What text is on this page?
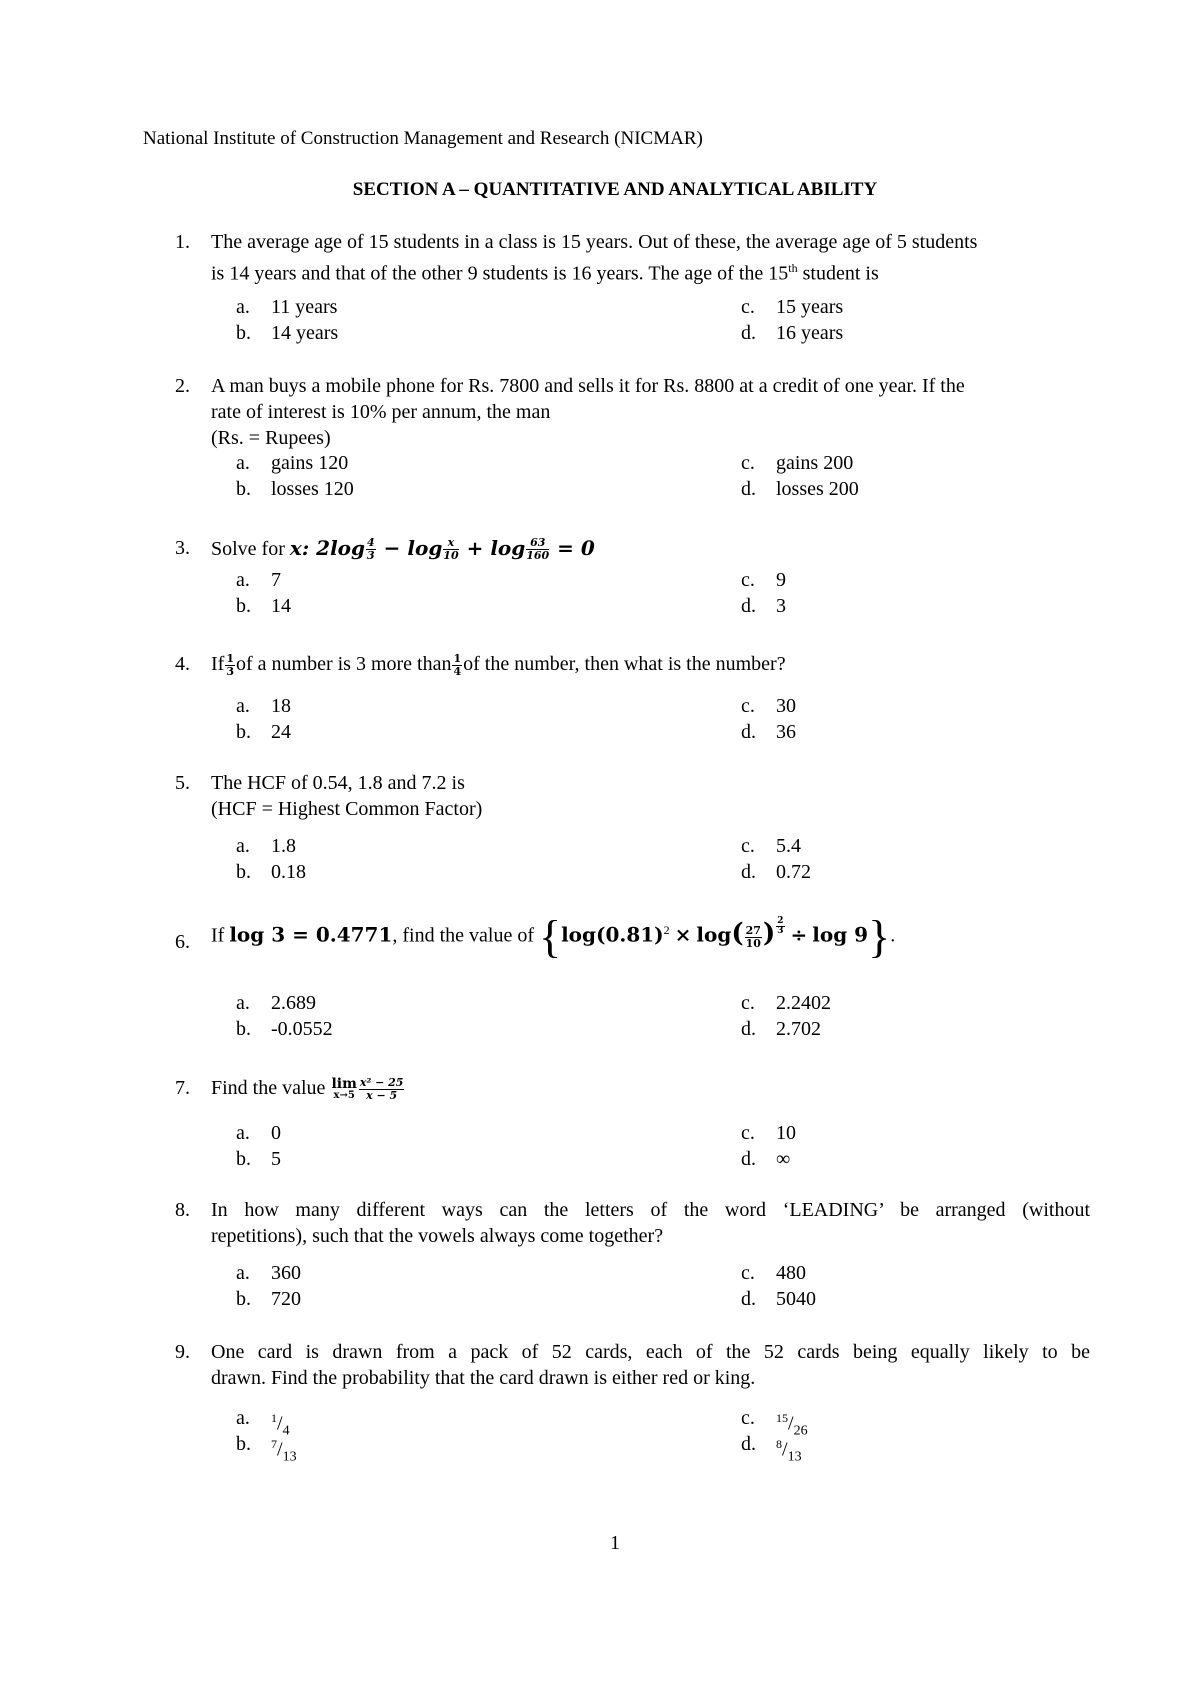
National Institute of Construction Management and Research (NICMAR)
SECTION A – QUANTITATIVE AND ANALYTICAL ABILITY
1. The average age of 15 students in a class is 15 years. Out of these, the average age of 5 students
is 14 years and that of the other 9 students is 16 years. The age of the 15th student is
a. 11 years
b. 14 years
c. 15 years
d. 16 years
2. A man buys a mobile phone for Rs. 7800 and sells it for Rs. 8800 at a credit of one year. If the
rate of interest is 10% per annum, the man
(Rs. = Rupees)
a. gains 120
b. losses 120
c. gains 200
d. losses 200
3. Solve for x: $2\log \frac{4}{3} - \log \frac{x}{10} + \log \frac{63}{160} = 0$
a. 7
b. 14
c. 9
d. 3
4. If $\frac{1}{3}$ of a number is 3 more than $\frac{1}{4}$ of the number, then what is the number?
a. 18
b. 24
c. 30
d. 36
5. The HCF of 0.54, 1.8 and 7.2 is
(HCF = Highest Common Factor)
a. 1.8
b. 0.18
c. 5.4
d. 0.72
6. If log 3 = 0.4771, find the value of {$\log(0.81)^2 \times \log( \frac{27}{10}$ ) $\frac{2}{3} \div \log 9$}.
a. 2.689
b. -0.0552
c. 2.2402
d. 2.702
7. Find the value lim
$x\to 5 \frac{\text{x² − 25}}{x - 5}$
a. 0
b. 5
c. 10
d. ∞
8. In how many different ways can the letters of the word ‘LEADING’ be arranged (without
repetitions), such that the vowels always come together?
a. 360
b. 720
c. 480
d. 5040
9. One card is drawn from a pack of 52 cards, each of the 52 cards being equally likely to be
drawn. Find the probability that the card drawn is either red or king.
a. $^1/_4$
b. $^7/_{13}$
c. $^{15}/_{26}$
d. $^8/_{13}$
1
